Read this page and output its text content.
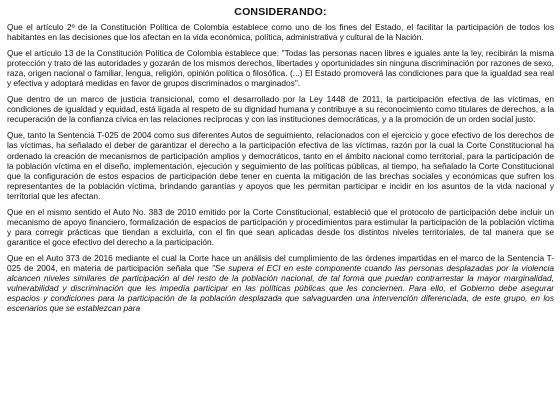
CONSIDERANDO:

Que el artículo 2º de la Constitución Política de Colombia establece como uno de los fines del Estado, el facilitar la participación de todos los habitantes en las decisiones que los afectan en la vida económica, política, administrativa y cultural de la Nación.

Que el artículo 13 de la Constitución Política de Colombia establece que: "Todas las personas nacen libres e iguales ante la ley, recibirán la misma protección y trato de las autoridades y gozarán de los mismos derechos, libertades y oportunidades sin ninguna discriminación por razones de sexo, raza, origen nacional o familiar, lengua, religión, opinión política o filosófica. (...) El Estado promoverá las condiciones para que la igualdad sea real y efectiva y adoptará medidas en favor de grupos discriminados o marginados".

Que dentro de un marco de justicia transicional, como el desarrollado por la Ley 1448 de 2011, la participación efectiva de las víctimas, en condiciones de igualdad y equidad, está ligada al respeto de su dignidad humana y contribuye a su reconocimiento como titulares de derechos, a la recuperación de la confianza cívica en las relaciones recíprocas y con las instituciones democráticas, y a la promoción de un orden social justo.

Que, tanto la Sentencia T-025 de 2004 como sus diferentes Autos de seguimiento, relacionados con el ejercicio y goce efectivo de los derechos de las víctimas, ha señalado el deber de garantizar el derecho a la participación efectiva de las víctimas, razón por la cual la Corte Constitucional ha ordenado la creación de mecanismos de participación amplios y democráticos, tanto en el ámbito nacional como territorial, para la participación de la población víctima en el diseño, implementación, ejecución y seguimiento de las políticas públicas, al tiempo, ha señalado la Corte Constitucional que la configuración de estos espacios de participación debe tener en cuenta la mitigación de las brechas sociales y económicas que sufren los representantes de la población víctima, brindando garantías y apoyos que les permitan participar e incidir en los asuntos de la vida nacional y territorial que les afectan.

Que en el mismo sentido el Auto No. 383 de 2010 emitido por la Corte Constitucional, estableció que el protocolo de participación debe incluir un mecanismo de apoyo financiero, formalización de espacios de participación y procedimientos para estimular la participación de la población víctima y para corregir prácticas que tiendan a excluirla, con el fin que sean aplicadas desde los distintos niveles territoriales, de tal manera que se garantice el goce efectivo del derecho a la participación.

Que en el Auto 373 de 2016 mediante el cual la Corte hace un análisis del cumplimiento de las órdenes impartidas en el marco de la Sentencia T-025 de 2004, en materia de participación señala que "Se supera el ECI en este componente cuando las personas desplazadas por la violencia alcancen niveles similares de participación al del resto de la población nacional, de tal forma que puedan contrarrestar la mayor marginalidad, vulnerabilidad y discriminación que les impedía participar en las políticas públicas que les conciernen. Para ello, el Gobierno debe asegurar espacios y condiciones para la participación de la población desplazada que salvaguarden una intervención diferenciada, de este grupo, en los escenarios que se establezcan para
